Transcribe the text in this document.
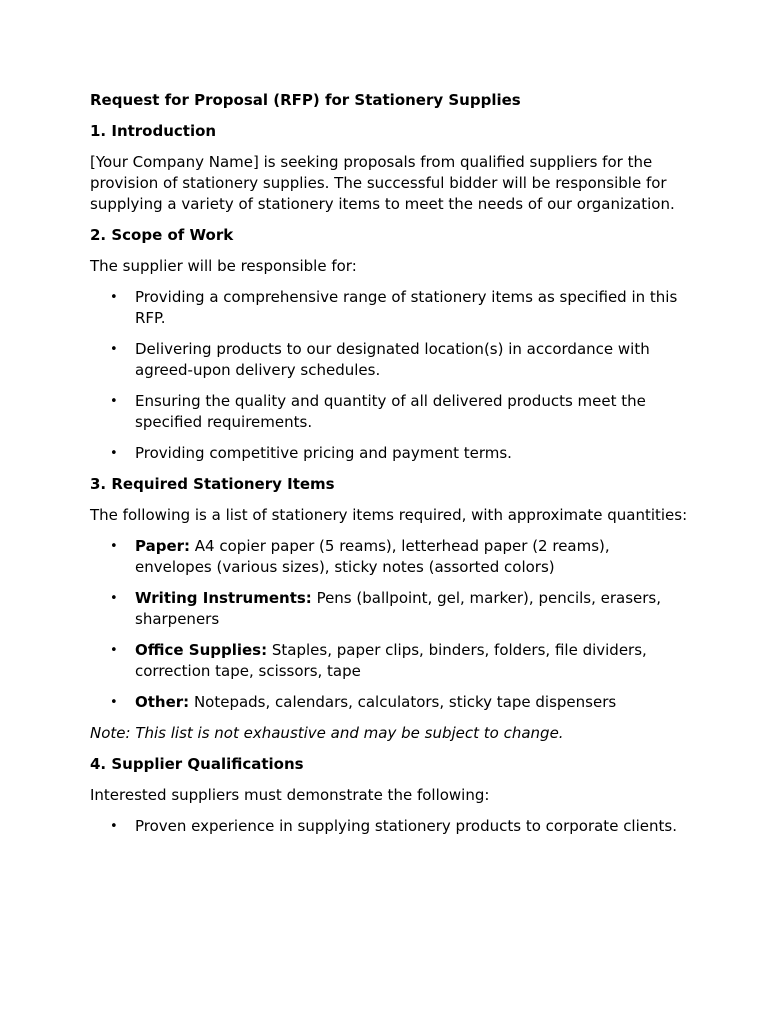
Request for Proposal (RFP) for Stationery Supplies

1. Introduction

[Your Company Name] is seeking proposals from qualified suppliers for the provision of stationery supplies. The successful bidder will be responsible for supplying a variety of stationery items to meet the needs of our organization.

2. Scope of Work

The supplier will be responsible for:

• Providing a comprehensive range of stationery items as specified in this RFP.
• Delivering products to our designated location(s) in accordance with agreed-upon delivery schedules.
• Ensuring the quality and quantity of all delivered products meet the specified requirements.
• Providing competitive pricing and payment terms.

3. Required Stationery Items

The following is a list of stationery items required, with approximate quantities:

• Paper: A4 copier paper (5 reams), letterhead paper (2 reams), envelopes (various sizes), sticky notes (assorted colors)
• Writing Instruments: Pens (ballpoint, gel, marker), pencils, erasers, sharpeners
• Office Supplies: Staples, paper clips, binders, folders, file dividers, correction tape, scissors, tape
• Other: Notepads, calendars, calculators, sticky tape dispensers

Note: This list is not exhaustive and may be subject to change.

4. Supplier Qualifications

Interested suppliers must demonstrate the following:

• Proven experience in supplying stationery products to corporate clients.
